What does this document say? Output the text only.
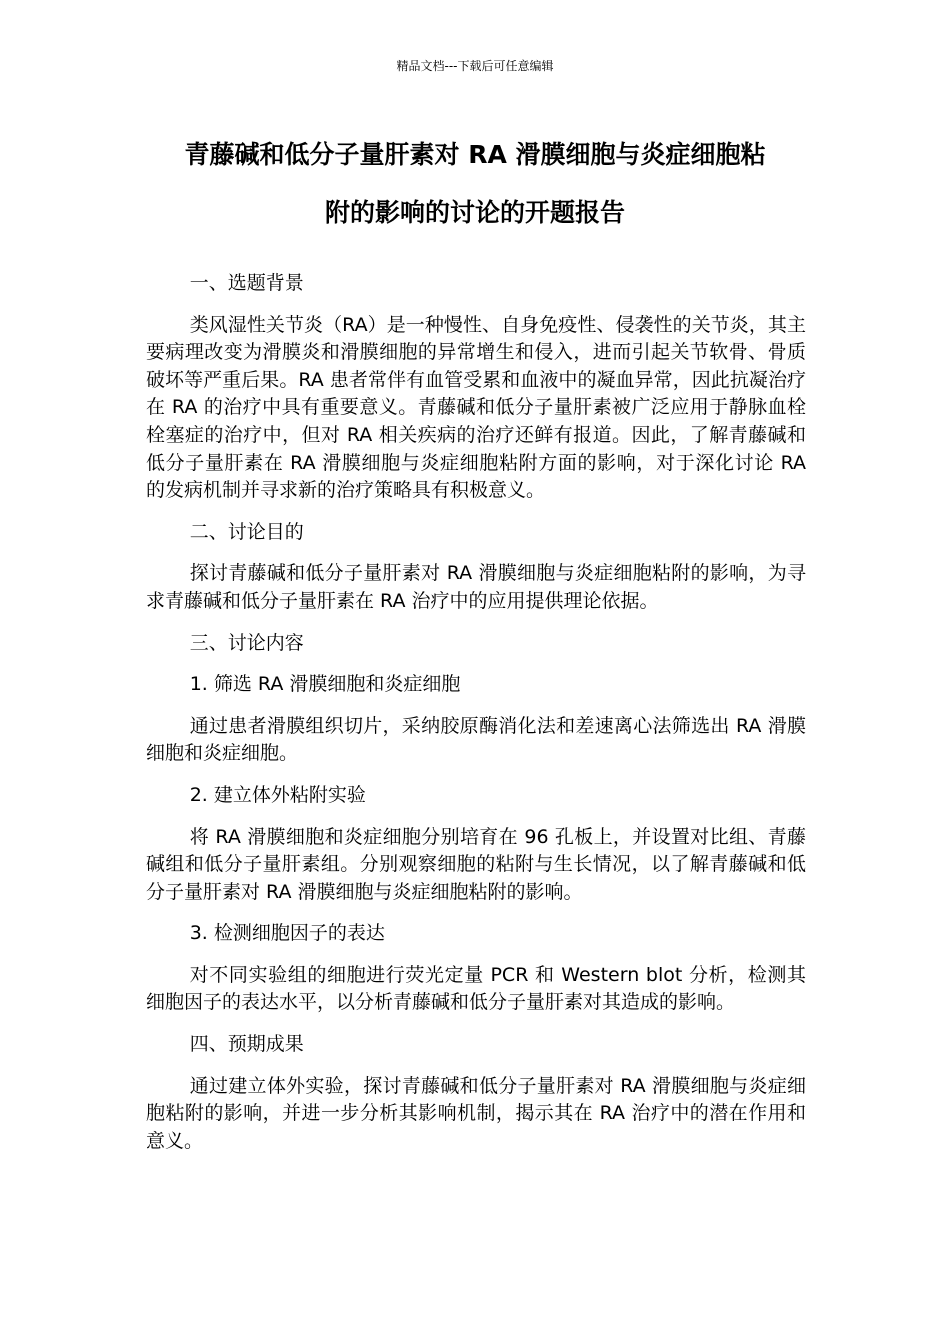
精品文档---下载后可任意编辑
青藤碱和低分子量肝素对 RA 滑膜细胞与炎症细胞粘
附的影响的讨论的开题报告

一、选题背景

类风湿性关节炎（RA）是一种慢性、自身免疫性、侵袭性的关节炎，其主要病理改变为滑膜炎和滑膜细胞的异常增生和侵入，进而引起关节软骨、骨质破坏等严重后果。RA 患者常伴有血管受累和血液中的凝血异常，因此抗凝治疗在 RA 的治疗中具有重要意义。青藤碱和低分子量肝素被广泛应用于静脉血栓栓塞症的治疗中，但对 RA 相关疾病的治疗还鲜有报道。因此，了解青藤碱和低分子量肝素在 RA 滑膜细胞与炎症细胞粘附方面的影响，对于深化讨论 RA 的发病机制并寻求新的治疗策略具有积极意义。

二、讨论目的

探讨青藤碱和低分子量肝素对 RA 滑膜细胞与炎症细胞粘附的影响，为寻求青藤碱和低分子量肝素在 RA 治疗中的应用提供理论依据。

三、讨论内容

1. 筛选 RA 滑膜细胞和炎症细胞

通过患者滑膜组织切片，采纳胶原酶消化法和差速离心法筛选出 RA 滑膜细胞和炎症细胞。

2. 建立体外粘附实验

将 RA 滑膜细胞和炎症细胞分别培育在 96 孔板上，并设置对比组、青藤碱组和低分子量肝素组。分别观察细胞的粘附与生长情况，以了解青藤碱和低分子量肝素对 RA 滑膜细胞与炎症细胞粘附的影响。

3. 检测细胞因子的表达

对不同实验组的细胞进行荧光定量 PCR 和 Western blot 分析，检测其细胞因子的表达水平，以分析青藤碱和低分子量肝素对其造成的影响。

四、预期成果

通过建立体外实验，探讨青藤碱和低分子量肝素对 RA 滑膜细胞与炎症细胞粘附的影响，并进一步分析其影响机制，揭示其在 RA 治疗中的潜在作用和意义。
